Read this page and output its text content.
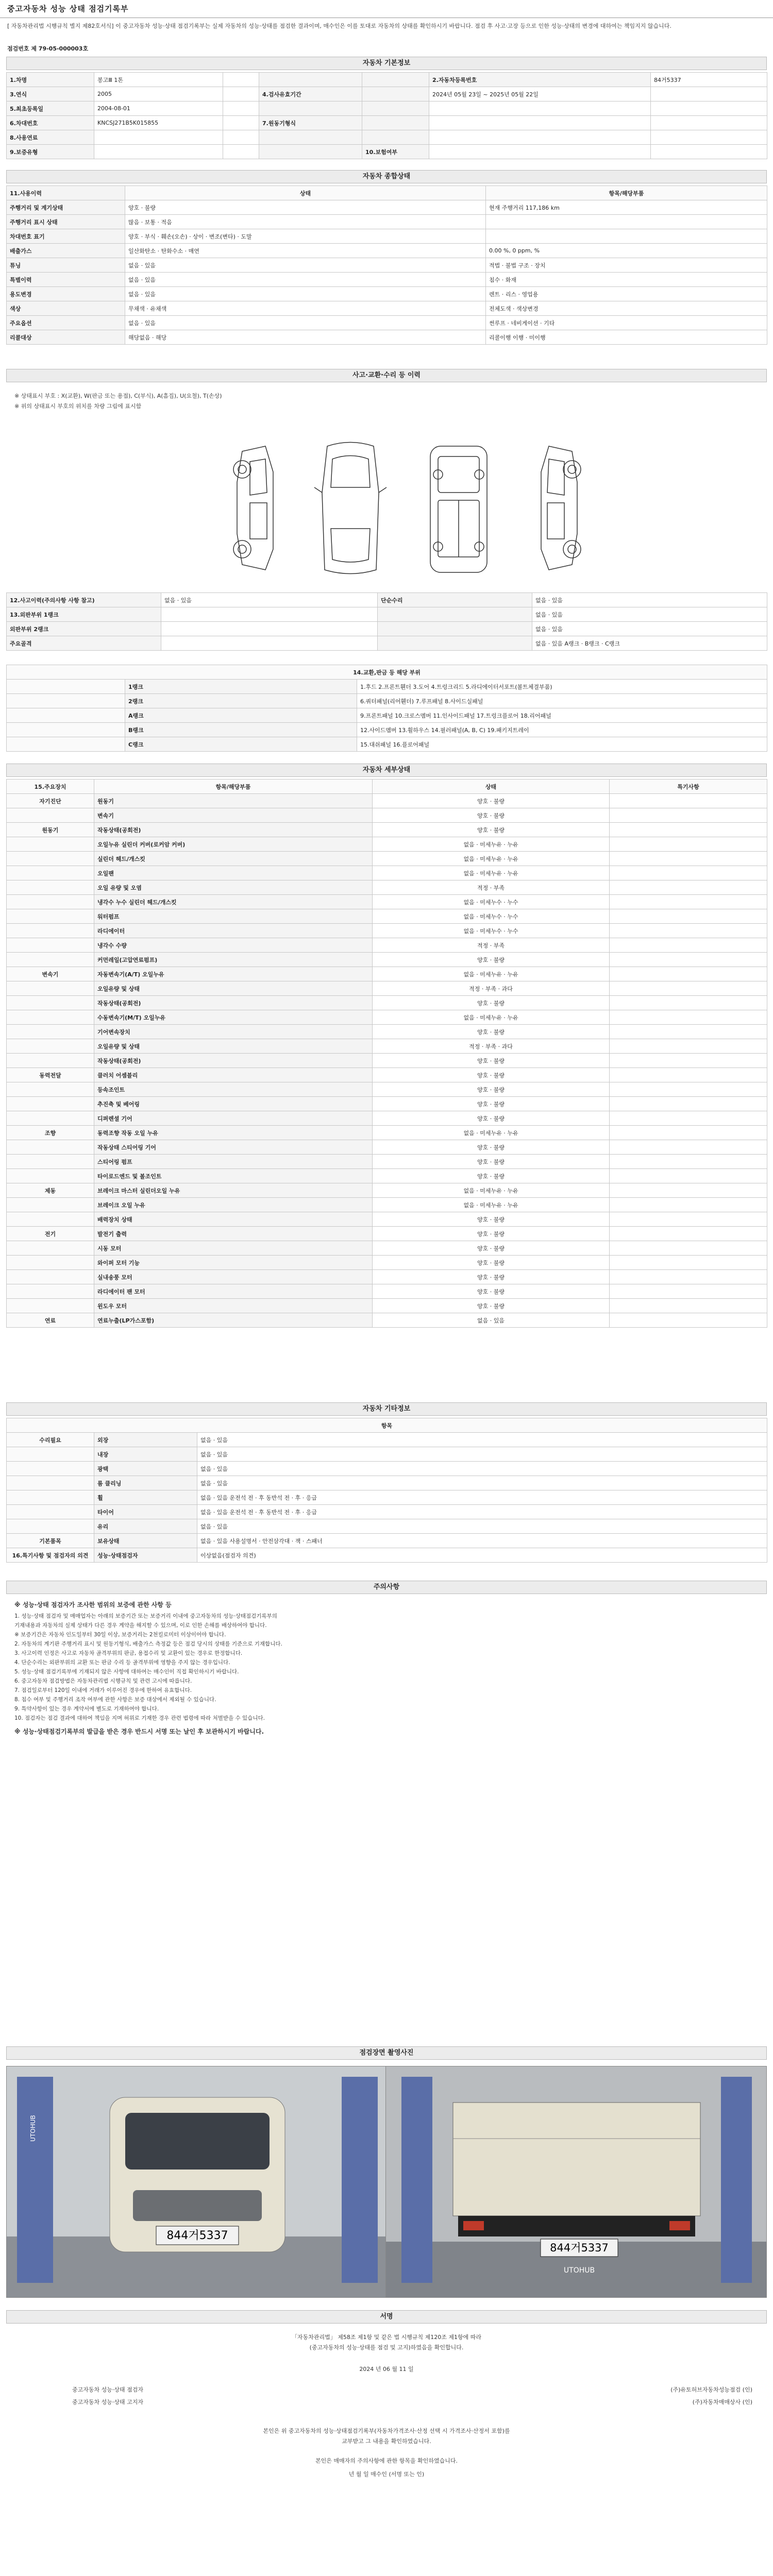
중고자동차 성능 상태 점검기록부
[ 자동차관리법 시행규칙 별지 제82호서식] 이 중고자동차 성능·상태 점검기록부는 실제 자동차의 성능·상태를 점검한 결과이며, 매수인은 이를 토대로 자동차의 상태를 확인하시기 바랍니다. 점검 후 사고·고장 등으로 인한 성능·상태의 변경에 대하여는 책임지지 않습니다.
점검번호 제 79-05-000003호
자동차 기본정보
1.차명	봉고Ⅲ 1톤				2.자동차등록번호	84거5337
3.연식	2005		4.검사유효기간		2024년 05월 23일 ~ 2025년 05월 22일	
5.최초등록일	2004-08-01					
6.차대번호	KNCSJ271B5K015855		7.원동기형식			
8.사용연료						
9.보증유형				10.보험여부		
자동차 종합상태
11.사용이력	상태	항목/해당부품
주행거리 및 계기상태	양호 · 불량	현재 주행거리 117,186 km
주행거리 표시 상태	많음 · 보통 · 적음	
차대번호 표기	양호 · 부식 · 훼손(오손) · 상이 · 변조(변타) · 도말	
배출가스	일산화탄소 · 탄화수소 · 매연	0.00 %, 0 ppm, %
튜닝	없음 · 있음	적법 · 불법 구조 · 장치
특별이력	없음 · 있음	침수 · 화재
용도변경	없음 · 있음	렌트 · 리스 · 영업용
색상	무채색 · 유채색	전체도색 · 색상변경
주요옵션	없음 · 있음	썬루프 · 네비게이션 · 기타
리콜대상	해당없음 · 해당	리콜이행 이행 · 미이행
사고·교환·수리 등 이력
※ 상태표시 부호 : X(교환), W(판금 또는 용접), C(부식), A(흠집), U(요철), T(손상)
※ 위의 상태표시 부호의 위치를 차량 그림에 표시함
12.사고이력(주의사항 사항 참고)	없음 · 있음	단순수리	없음 · 있음
13.외판부위 1랭크			없음 · 있음
외판부위 2랭크			없음 · 있음
주요골격			없음 · 있음 A랭크 · B랭크 · C랭크
14.교환,판금 등 해당 부위		
	1랭크	1.후드 2.프론트휀더 3.도어 4.트렁크리드 5.라디에이터서포트(볼트체결부품)
	2랭크	6.쿼터패널(리어휀더) 7.루프패널 8.사이드실패널
	A랭크	9.프론트패널 10.크로스멤버 11.인사이드패널 17.트렁크플로어 18.리어패널
	B랭크	12.사이드멤버 13.휠하우스 14.필러패널(A, B, C) 19.패키지트레이
	C랭크	15.대쉬패널 16.플로어패널
자동차 세부상태
15.주요장치	항목/해당부품	상태	특기사항
자기진단	원동기	양호 · 불량	
	변속기	양호 · 불량	
원동기	작동상태(공회전)	양호 · 불량	
	오일누유 실린더 커버(로커암 커버)	없음 · 미세누유 · 누유	
	실린더 헤드/개스킷	없음 · 미세누유 · 누유	
	오일팬	없음 · 미세누유 · 누유	
	오일 유량 및 오염	적정 · 부족	
	냉각수 누수 실린더 헤드/개스킷	없음 · 미세누수 · 누수	
	워터펌프	없음 · 미세누수 · 누수	
	라디에이터	없음 · 미세누수 · 누수	
	냉각수 수량	적정 · 부족	
	커먼레일(고압연료펌프)	양호 · 불량	
변속기	자동변속기(A/T) 오일누유	없음 · 미세누유 · 누유	
	오일유량 및 상태	적정 · 부족 · 과다	
	작동상태(공회전)	양호 · 불량	
	수동변속기(M/T) 오일누유	없음 · 미세누유 · 누유	
	기어변속장치	양호 · 불량	
	오일유량 및 상태	적정 · 부족 · 과다	
	작동상태(공회전)	양호 · 불량	
동력전달	클러치 어셈블리	양호 · 불량	
	등속조인트	양호 · 불량	
	추진축 및 베어링	양호 · 불량	
	디퍼렌셜 기어	양호 · 불량	
조향	동력조향 작동 오일 누유	없음 · 미세누유 · 누유	
	작동상태 스티어링 기어	양호 · 불량	
	스티어링 펌프	양호 · 불량	
	타이로드엔드 및 볼조인트	양호 · 불량	
제동	브레이크 마스터 실린더오일 누유	없음 · 미세누유 · 누유	
	브레이크 오일 누유	없음 · 미세누유 · 누유	
	배력장치 상태	양호 · 불량	
전기	발전기 출력	양호 · 불량	
	시동 모터	양호 · 불량	
	와이퍼 모터 기능	양호 · 불량	
	실내송풍 모터	양호 · 불량	
	라디에이터 팬 모터	양호 · 불량	
	윈도우 모터	양호 · 불량	
연료	연료누출(LP가스포함)	없음 · 있음	
자동차 기타정보
항목		
수리필요	외장	없음 · 있음
	내장	없음 · 있음
	광택	없음 · 있음
	룸 클리닝	없음 · 있음
	휠	없음 · 있음 운전석 전 · 후 동반석 전 · 후 · 응급
	타이어	없음 · 있음 운전석 전 · 후 동반석 전 · 후 · 응급
	유리	없음 · 있음
기본품목	보유상태	없음 · 있음 사용설명서 · 안전삼각대 · 잭 · 스패너
16.특기사항 및 점검자의 의견	성능·상태점검자	이상없음(점검자 의견)
주의사항

※ 성능·상태 점검자가 조사한 범위의 보증에 관한 사항 등

1. 성능·상태 점검자 및 매매업자는 아래의 보증기간 또는 보증거리 이내에 중고자동차의 성능·상태점검기록부의

기재내용과 자동차의 실제 상태가 다른 경우 계약을 해지할 수 있으며, 이로 인한 손해를 배상하여야 합니다.

※ 보증기간은 자동차 인도일부터 30일 이상, 보증거리는 2천킬로미터 이상이어야 합니다.

2. 자동차의 계기판 주행거리 표시 및 원동기형식, 배출가스 측정값 등은 점검 당시의 상태를 기준으로 기재합니다.

3. 사고이력 인정은 사고로 자동차 골격부위의 판금, 용접수리 및 교환이 있는 경우로 한정합니다.

4. 단순수리는 외판부위의 교환 또는 판금 수리 등 골격부위에 영향을 주지 않는 경우입니다.

5. 성능·상태 점검기록부에 기재되지 않은 사항에 대하여는 매수인이 직접 확인하시기 바랍니다.

6. 중고자동차 점검방법은 자동차관리법 시행규칙 및 관련 고시에 따릅니다.

7. 점검일로부터 120일 이내에 거래가 이루어진 경우에 한하여 유효합니다.

8. 침수 여부 및 주행거리 조작 여부에 관한 사항은 보증 대상에서 제외될 수 있습니다.

9. 특약사항이 있는 경우 계약서에 별도로 기재하여야 합니다.

10. 점검자는 점검 결과에 대하여 책임을 지며 허위로 기재한 경우 관련 법령에 따라 처벌받을 수 있습니다.

※ 성능·상태점검기록부의 발급을 받은 경우 반드시 서명 또는 날인 후 보관하시기 바랍니다.

점검장면 촬영사진
844거5337
UTOHUB
844거5337
UTOHUB
서명
「자동차관리법」 제58조 제1항 및 같은 법 시행규칙 제120조 제1항에 따라
(중고자동차의 성능·상태를 점검 및 고지)하였음을 확인합니다.
2024 년 06 월 11 일
중고자동차 성능·상태 점검자	(주)유토허브자동차성능점검 (인)
중고자동차 성능·상태 고지자	(주)자동차매매상사 (인)
본인은 위 중고자동차의 성능·상태점검기록부(자동차가격조사·산정 선택 시 가격조사·산정서 포함)를
교부받고 그 내용을 확인하였습니다.
본인은 매매자의 주의사항에 관한 항목을 확인하였습니다.
년 월 일 매수인 (서명 또는 인)
